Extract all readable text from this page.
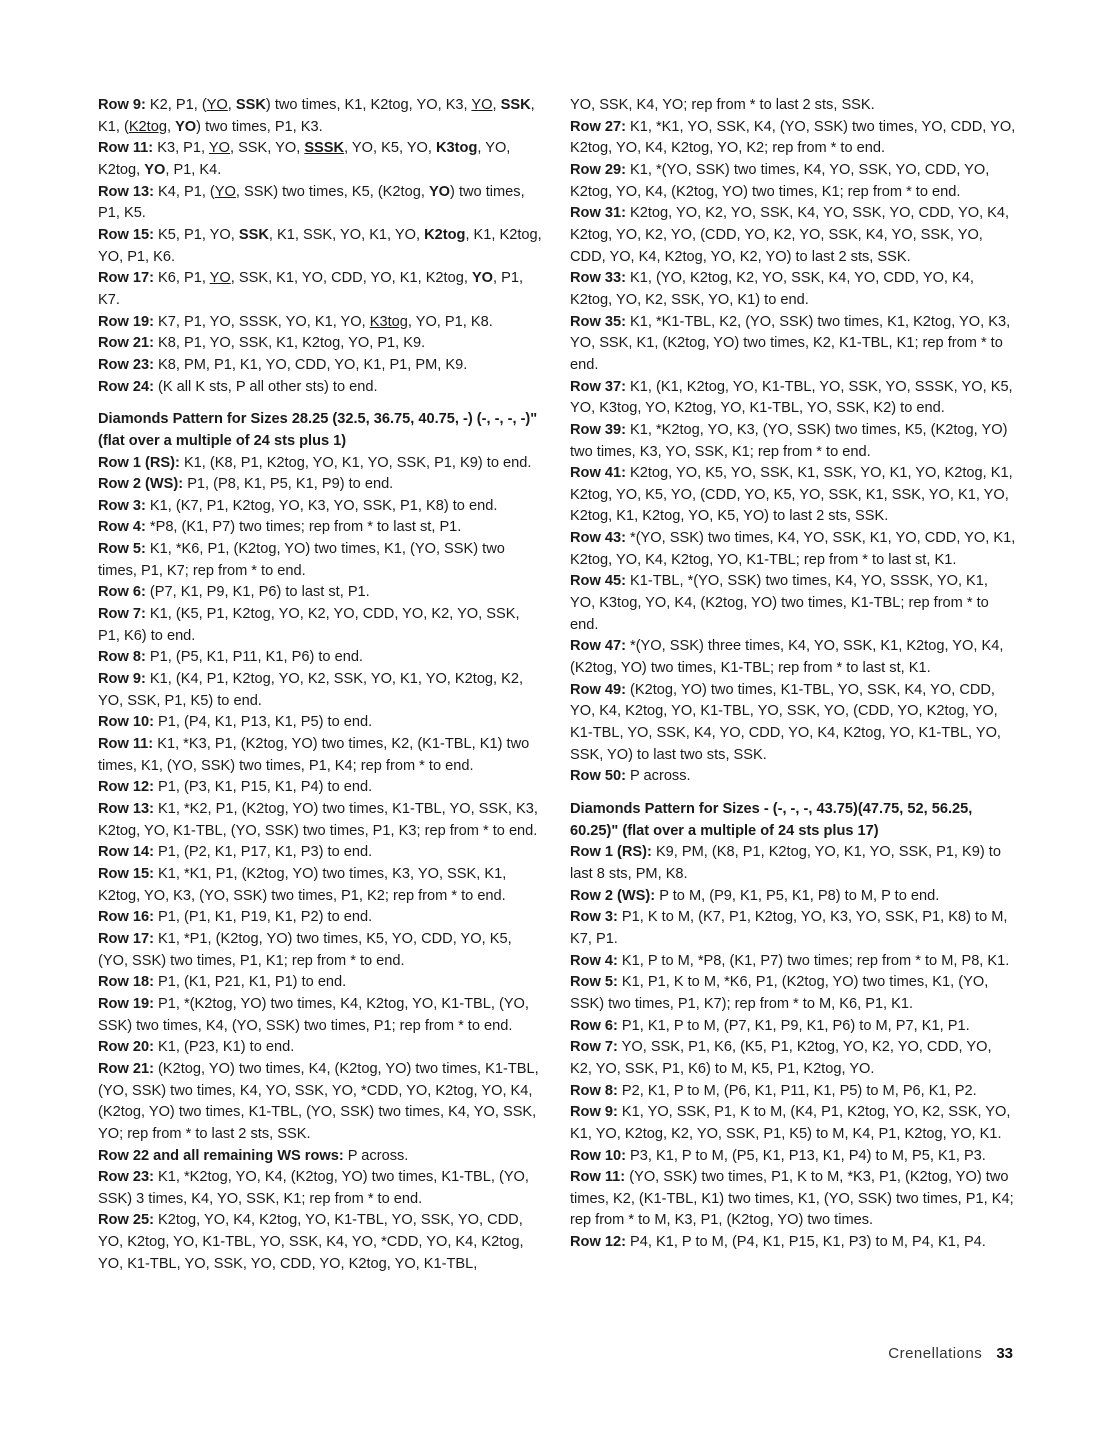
Row 9: K2, P1, (YO, SSK) two times, K1, K2tog, YO, K3, YO, SSK, K1, (K2tog, YO) two times, P1, K3.

Row 11: K3, P1, YO, SSK, YO, SSSK, YO, K5, YO, K3tog, YO, K2tog, YO, P1, K4.

Row 13: K4, P1, (YO, SSK) two times, K5, (K2tog, YO) two times, P1, K5.

Row 15: K5, P1, YO, SSK, K1, SSK, YO, K1, YO, K2tog, K1, K2tog, YO, P1, K6.

Row 17: K6, P1, YO, SSK, K1, YO, CDD, YO, K1, K2tog, YO, P1, K7.

Row 19: K7, P1, YO, SSSK, YO, K1, YO, K3tog, YO, P1, K8.

Row 21: K8, P1, YO, SSK, K1, K2tog, YO, P1, K9.

Row 23: K8, PM, P1, K1, YO, CDD, YO, K1, P1, PM, K9.

Row 24: (K all K sts, P all other sts) to end.

Diamonds Pattern for Sizes 28.25 (32.5, 36.75, 40.75, -) (-, -, -, -)" (flat over a multiple of 24 sts plus 1)

Row 1 (RS): K1, (K8, P1, K2tog, YO, K1, YO, SSK, P1, K9) to end.

Row 2 (WS): P1, (P8, K1, P5, K1, P9) to end.

Row 3: K1, (K7, P1, K2tog, YO, K3, YO, SSK, P1, K8) to end.

Row 4: *P8, (K1, P7) two times; rep from * to last st, P1.

Row 5: K1, *K6, P1, (K2tog, YO) two times, K1, (YO, SSK) two times, P1, K7; rep from * to end.

Row 6: (P7, K1, P9, K1, P6) to last st, P1.

Row 7: K1, (K5, P1, K2tog, YO, K2, YO, CDD, YO, K2, YO, SSK, P1, K6) to end.

Row 8: P1, (P5, K1, P11, K1, P6) to end.

Row 9: K1, (K4, P1, K2tog, YO, K2, SSK, YO, K1, YO, K2tog, K2, YO, SSK, P1, K5) to end.

Row 10: P1, (P4, K1, P13, K1, P5) to end.

Row 11: K1, *K3, P1, (K2tog, YO) two times, K2, (K1-TBL, K1) two times, K1, (YO, SSK) two times, P1, K4; rep from * to end.

Row 12: P1, (P3, K1, P15, K1, P4) to end.

Row 13: K1, *K2, P1, (K2tog, YO) two times, K1-TBL, YO, SSK, K3, K2tog, YO, K1-TBL, (YO, SSK) two times, P1, K3; rep from * to end.

Row 14: P1, (P2, K1, P17, K1, P3) to end.

Row 15: K1, *K1, P1, (K2tog, YO) two times, K3, YO, SSK, K1, K2tog, YO, K3, (YO, SSK) two times, P1, K2; rep from * to end.

Row 16: P1, (P1, K1, P19, K1, P2) to end.

Row 17: K1, *P1, (K2tog, YO) two times, K5, YO, CDD, YO, K5, (YO, SSK) two times, P1, K1; rep from * to end.

Row 18: P1, (K1, P21, K1, P1) to end.

Row 19: P1, *(K2tog, YO) two times, K4, K2tog, YO, K1-TBL, (YO, SSK) two times, K4, (YO, SSK) two times, P1; rep from * to end.

Row 20: K1, (P23, K1) to end.

Row 21: (K2tog, YO) two times, K4, (K2tog, YO) two times, K1-TBL, (YO, SSK) two times, K4, YO, SSK, YO, *CDD, YO, K2tog, YO, K4, (K2tog, YO) two times, K1-TBL, (YO, SSK) two times, K4, YO, SSK, YO; rep from * to last 2 sts, SSK.

Row 22 and all remaining WS rows: P across.

Row 23: K1, *K2tog, YO, K4, (K2tog, YO) two times, K1-TBL, (YO, SSK) 3 times, K4, YO, SSK, K1; rep from * to end.

Row 25: K2tog, YO, K4, K2tog, YO, K1-TBL, YO, SSK, YO, CDD, YO, K2tog, YO, K1-TBL, YO, SSK, K4, YO, *CDD, YO, K4, K2tog, YO, K1-TBL, YO, SSK, YO, CDD, YO, K2tog, YO, K1-TBL,

YO, SSK, K4, YO; rep from * to last 2 sts, SSK.

Row 27: K1, *K1, YO, SSK, K4, (YO, SSK) two times, YO, CDD, YO, K2tog, YO, K4, K2tog, YO, K2; rep from * to end.

Row 29: K1, *(YO, SSK) two times, K4, YO, SSK, YO, CDD, YO, K2tog, YO, K4, (K2tog, YO) two times, K1; rep from * to end.

Row 31: K2tog, YO, K2, YO, SSK, K4, YO, SSK, YO, CDD, YO, K4, K2tog, YO, K2, YO, (CDD, YO, K2, YO, SSK, K4, YO, SSK, YO, CDD, YO, K4, K2tog, YO, K2, YO) to last 2 sts, SSK.

Row 33: K1, (YO, K2tog, K2, YO, SSK, K4, YO, CDD, YO, K4, K2tog, YO, K2, SSK, YO, K1) to end.

Row 35: K1, *K1-TBL, K2, (YO, SSK) two times, K1, K2tog, YO, K3, YO, SSK, K1, (K2tog, YO) two times, K2, K1-TBL, K1; rep from * to end.

Row 37: K1, (K1, K2tog, YO, K1-TBL, YO, SSK, YO, SSSK, YO, K5, YO, K3tog, YO, K2tog, YO, K1-TBL, YO, SSK, K2) to end.

Row 39: K1, *K2tog, YO, K3, (YO, SSK) two times, K5, (K2tog, YO) two times, K3, YO, SSK, K1; rep from * to end.

Row 41: K2tog, YO, K5, YO, SSK, K1, SSK, YO, K1, YO, K2tog, K1, K2tog, YO, K5, YO, (CDD, YO, K5, YO, SSK, K1, SSK, YO, K1, YO, K2tog, K1, K2tog, YO, K5, YO) to last 2 sts, SSK.

Row 43: *(YO, SSK) two times, K4, YO, SSK, K1, YO, CDD, YO, K1, K2tog, YO, K4, K2tog, YO, K1-TBL; rep from * to last st, K1.

Row 45: K1-TBL, *(YO, SSK) two times, K4, YO, SSSK, YO, K1, YO, K3tog, YO, K4, (K2tog, YO) two times, K1-TBL; rep from * to end.

Row 47: *(YO, SSK) three times, K4, YO, SSK, K1, K2tog, YO, K4, (K2tog, YO) two times, K1-TBL; rep from * to last st, K1.

Row 49: (K2tog, YO) two times, K1-TBL, YO, SSK, K4, YO, CDD, YO, K4, K2tog, YO, K1-TBL, YO, SSK, YO, (CDD, YO, K2tog, YO, K1-TBL, YO, SSK, K4, YO, CDD, YO, K4, K2tog, YO, K1-TBL, YO, SSK, YO) to last two sts, SSK.

Row 50: P across.

Diamonds Pattern for Sizes - (-, -, -, 43.75)(47.75, 52, 56.25, 60.25)" (flat over a multiple of 24 sts plus 17)

Row 1 (RS): K9, PM, (K8, P1, K2tog, YO, K1, YO, SSK, P1, K9) to last 8 sts, PM, K8.

Row 2 (WS): P to M, (P9, K1, P5, K1, P8) to M, P to end.

Row 3: P1, K to M, (K7, P1, K2tog, YO, K3, YO, SSK, P1, K8) to M, K7, P1.

Row 4: K1, P to M, *P8, (K1, P7) two times; rep from * to M, P8, K1.

Row 5: K1, P1, K to M, *K6, P1, (K2tog, YO) two times, K1, (YO, SSK) two times, P1, K7); rep from * to M, K6, P1, K1.

Row 6: P1, K1, P to M, (P7, K1, P9, K1, P6) to M, P7, K1, P1.

Row 7: YO, SSK, P1, K6, (K5, P1, K2tog, YO, K2, YO, CDD, YO, K2, YO, SSK, P1, K6) to M, K5, P1, K2tog, YO.

Row 8: P2, K1, P to M, (P6, K1, P11, K1, P5) to M, P6, K1, P2.

Row 9: K1, YO, SSK, P1, K to M, (K4, P1, K2tog, YO, K2, SSK, YO, K1, YO, K2tog, K2, YO, SSK, P1, K5) to M, K4, P1, K2tog, YO, K1.

Row 10: P3, K1, P to M, (P5, K1, P13, K1, P4) to M, P5, K1, P3.

Row 11: (YO, SSK) two times, P1, K to M, *K3, P1, (K2tog, YO) two times, K2, (K1-TBL, K1) two times, K1, (YO, SSK) two times, P1, K4; rep from * to M, K3, P1, (K2tog, YO) two times.

Row 12: P4, K1, P to M, (P4, K1, P15, K1, P3) to M, P4, K1, P4.

Crenellations 33
